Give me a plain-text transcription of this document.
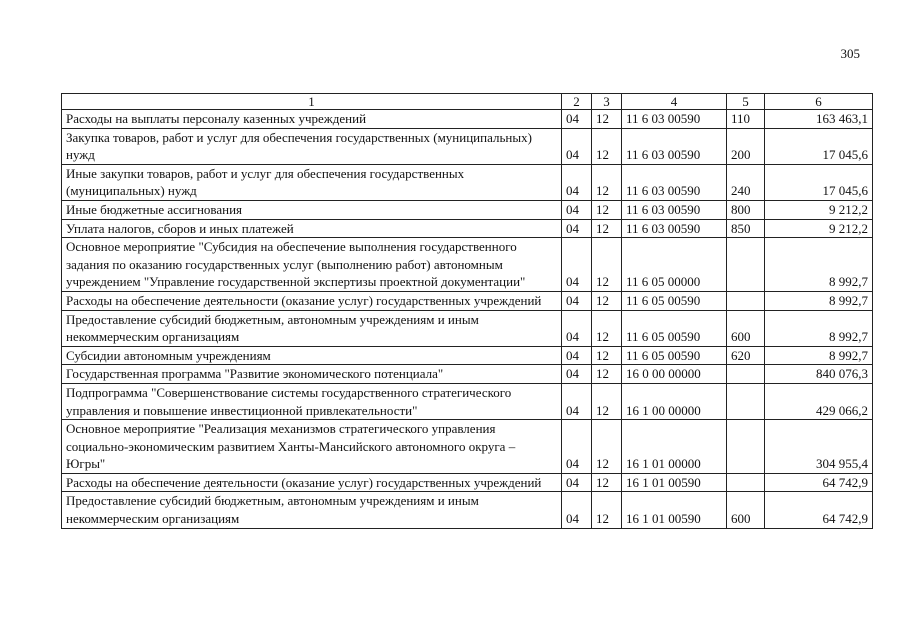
305
1	2	3	4	5	6
Расходы на выплаты персоналу казенных учреждений	04	12	11 6 03 00590	110	163 463,1
Закупка товаров, работ и услуг для обеспечения государственных (муниципальных) нужд	04	12	11 6 03 00590	200	17 045,6
Иные закупки товаров, работ и услуг для обеспечения государственных (муниципальных) нужд	04	12	11 6 03 00590	240	17 045,6
Иные бюджетные ассигнования	04	12	11 6 03 00590	800	9 212,2
Уплата налогов, сборов и иных платежей	04	12	11 6 03 00590	850	9 212,2
Основное мероприятие "Субсидия на обеспечение выполнения государственного задания по оказанию государственных услуг (выполнению работ) автономным учреждением "Управление государственной экспертизы проектной документации"	04	12	11 6 05 00000		8 992,7
Расходы на обеспечение деятельности (оказание услуг) государственных учреждений	04	12	11 6 05 00590		8 992,7
Предоставление субсидий бюджетным, автономным учреждениям и иным некоммерческим организациям	04	12	11 6 05 00590	600	8 992,7
Субсидии автономным учреждениям	04	12	11 6 05 00590	620	8 992,7
Государственная программа "Развитие экономического потенциала"	04	12	16 0 00 00000		840 076,3
Подпрограмма "Совершенствование системы государственного стратегического управления и повышение инвестиционной привлекательности"	04	12	16 1 00 00000		429 066,2
Основное мероприятие "Реализация механизмов стратегического управления социально-экономическим развитием Ханты-Мансийского автономного округа – Югры"	04	12	16 1 01 00000		304 955,4
Расходы на обеспечение деятельности (оказание услуг) государственных учреждений	04	12	16 1 01 00590		64 742,9
Предоставление субсидий бюджетным, автономным учреждениям и иным некоммерческим организациям	04	12	16 1 01 00590	600	64 742,9
